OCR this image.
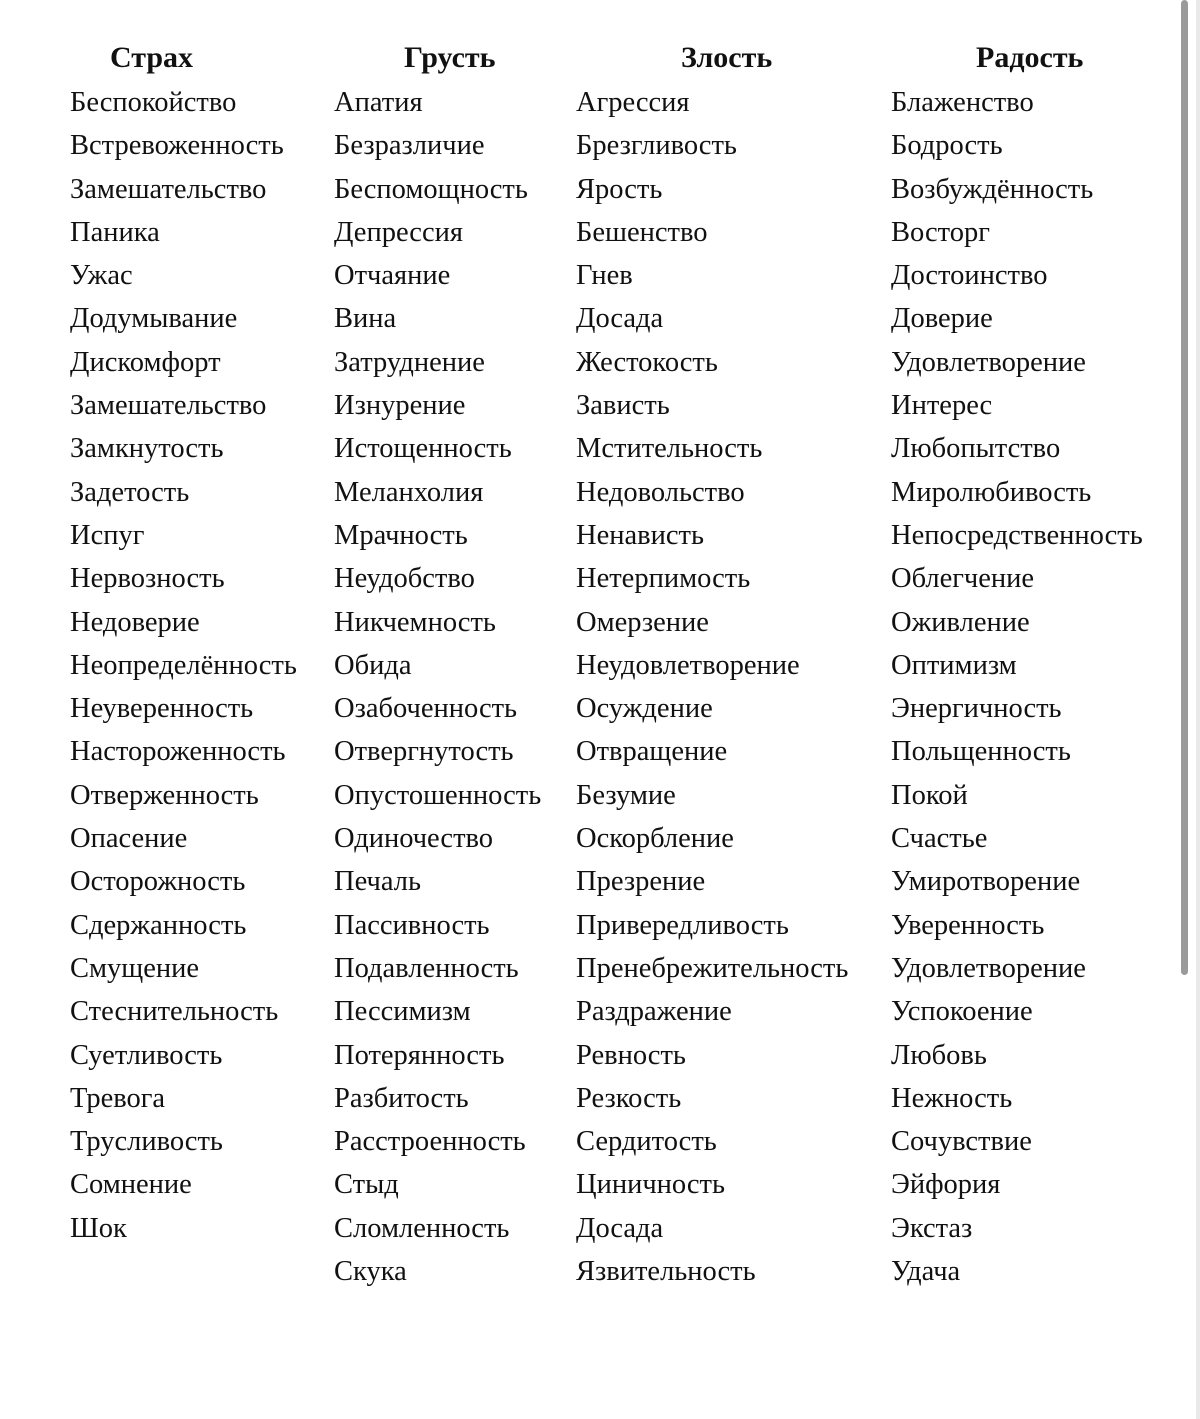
Страх
Беспокойство
Встревоженность
Замешательство
Паника
Ужас
Додумывание
Дискомфорт
Замешательство
Замкнутость
Задетость
Испуг
Нервозность
Недоверие
Неопределённость
Неуверенность
Настороженность
Отверженность
Опасение
Осторожность
Сдержанность
Смущение
Стеснительность
Суетливость
Тревога
Трусливость
Сомнение
Шок
Грусть
Апатия
Безразличие
Беспомощность
Депрессия
Отчаяние
Вина
Затруднение
Изнурение
Истощенность
Меланхолия
Мрачность
Неудобство
Никчемность
Обида
Озабоченность
Отвергнутость
Опустошенность
Одиночество
Печаль
Пассивность
Подавленность
Пессимизм
Потерянность
Разбитость
Расстроенность
Стыд
Сломленность
Скука
Злость
Агрессия
Брезгливость
Ярость
Бешенство
Гнев
Досада
Жестокость
Зависть
Мстительность
Недовольство
Ненависть
Нетерпимость
Омерзение
Неудовлетворение
Осуждение
Отвращение
Безумие
Оскорбление
Презрение
Привередливость
Пренебрежительность
Раздражение
Ревность
Резкость
Сердитость
Циничность
Досада
Язвительность
Радость
Блаженство
Бодрость
Возбуждённость
Восторг
Достоинство
Доверие
Удовлетворение
Интерес
Любопытство
Миролюбивость
Непосредственность
Облегчение
Оживление
Оптимизм
Энергичность
Польщенность
Покой
Счастье
Умиротворение
Уверенность
Удовлетворение
Успокоение
Любовь
Нежность
Сочувствие
Эйфория
Экстаз
Удача
